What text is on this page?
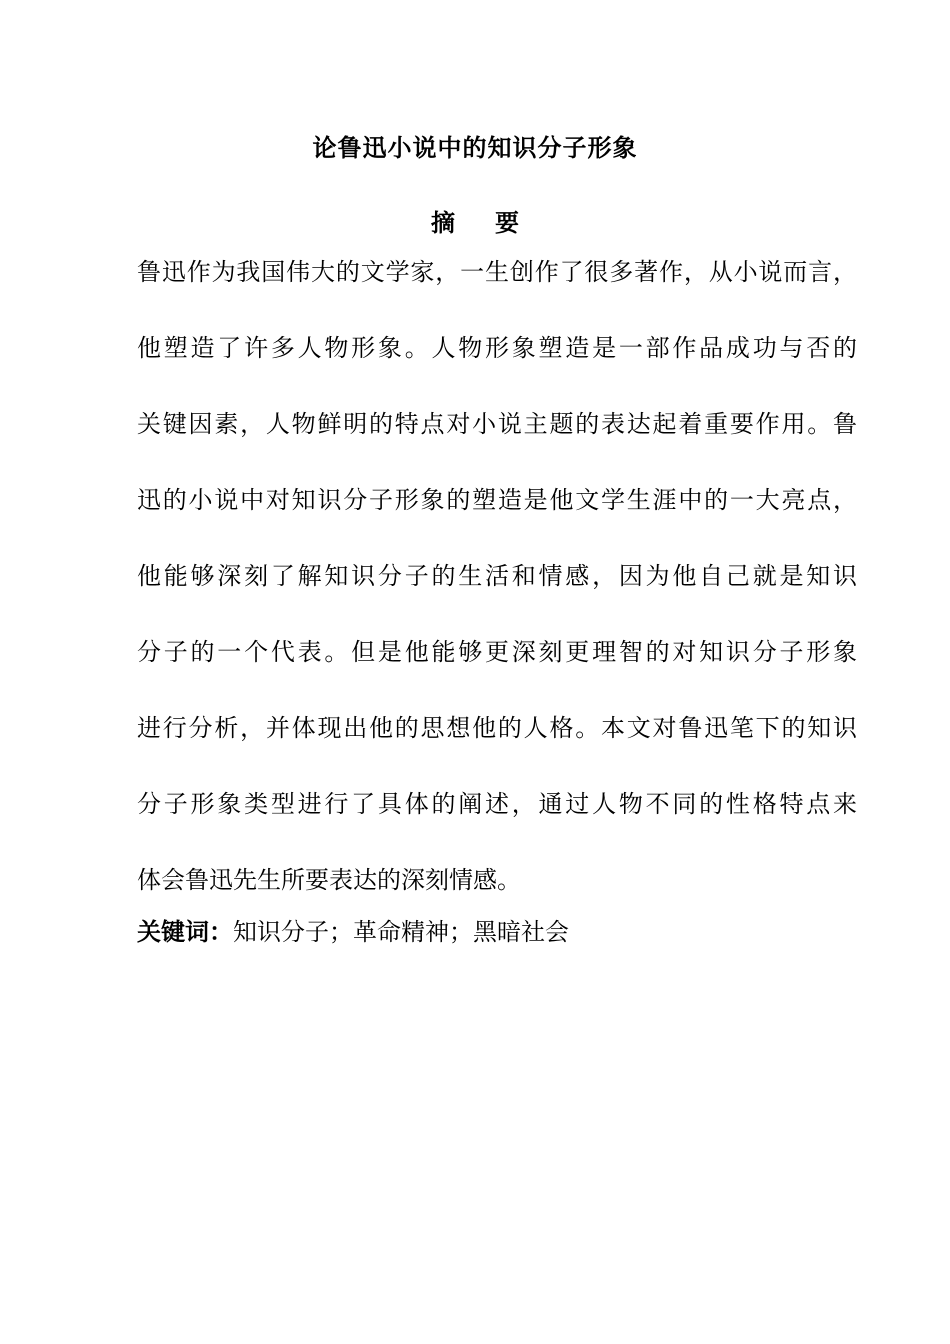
论鲁迅小说中的知识分子形象
摘 要
鲁迅作为我国伟大的文学家，一生创作了很多著作，从小说而言，
他塑造了许多人物形象。人物形象塑造是一部作品成功与否的
关键因素，人物鲜明的特点对小说主题的表达起着重要作用。鲁
迅的小说中对知识分子形象的塑造是他文学生涯中的一大亮点，
他能够深刻了解知识分子的生活和情感，因为他自己就是知识
分子的一个代表。但是他能够更深刻更理智的对知识分子形象
进行分析，并体现出他的思想他的人格。本文对鲁迅笔下的知识
分子形象类型进行了具体的阐述，通过人物不同的性格特点来
体会鲁迅先生所要表达的深刻情感。
关键词：知识分子；革命精神；黑暗社会
